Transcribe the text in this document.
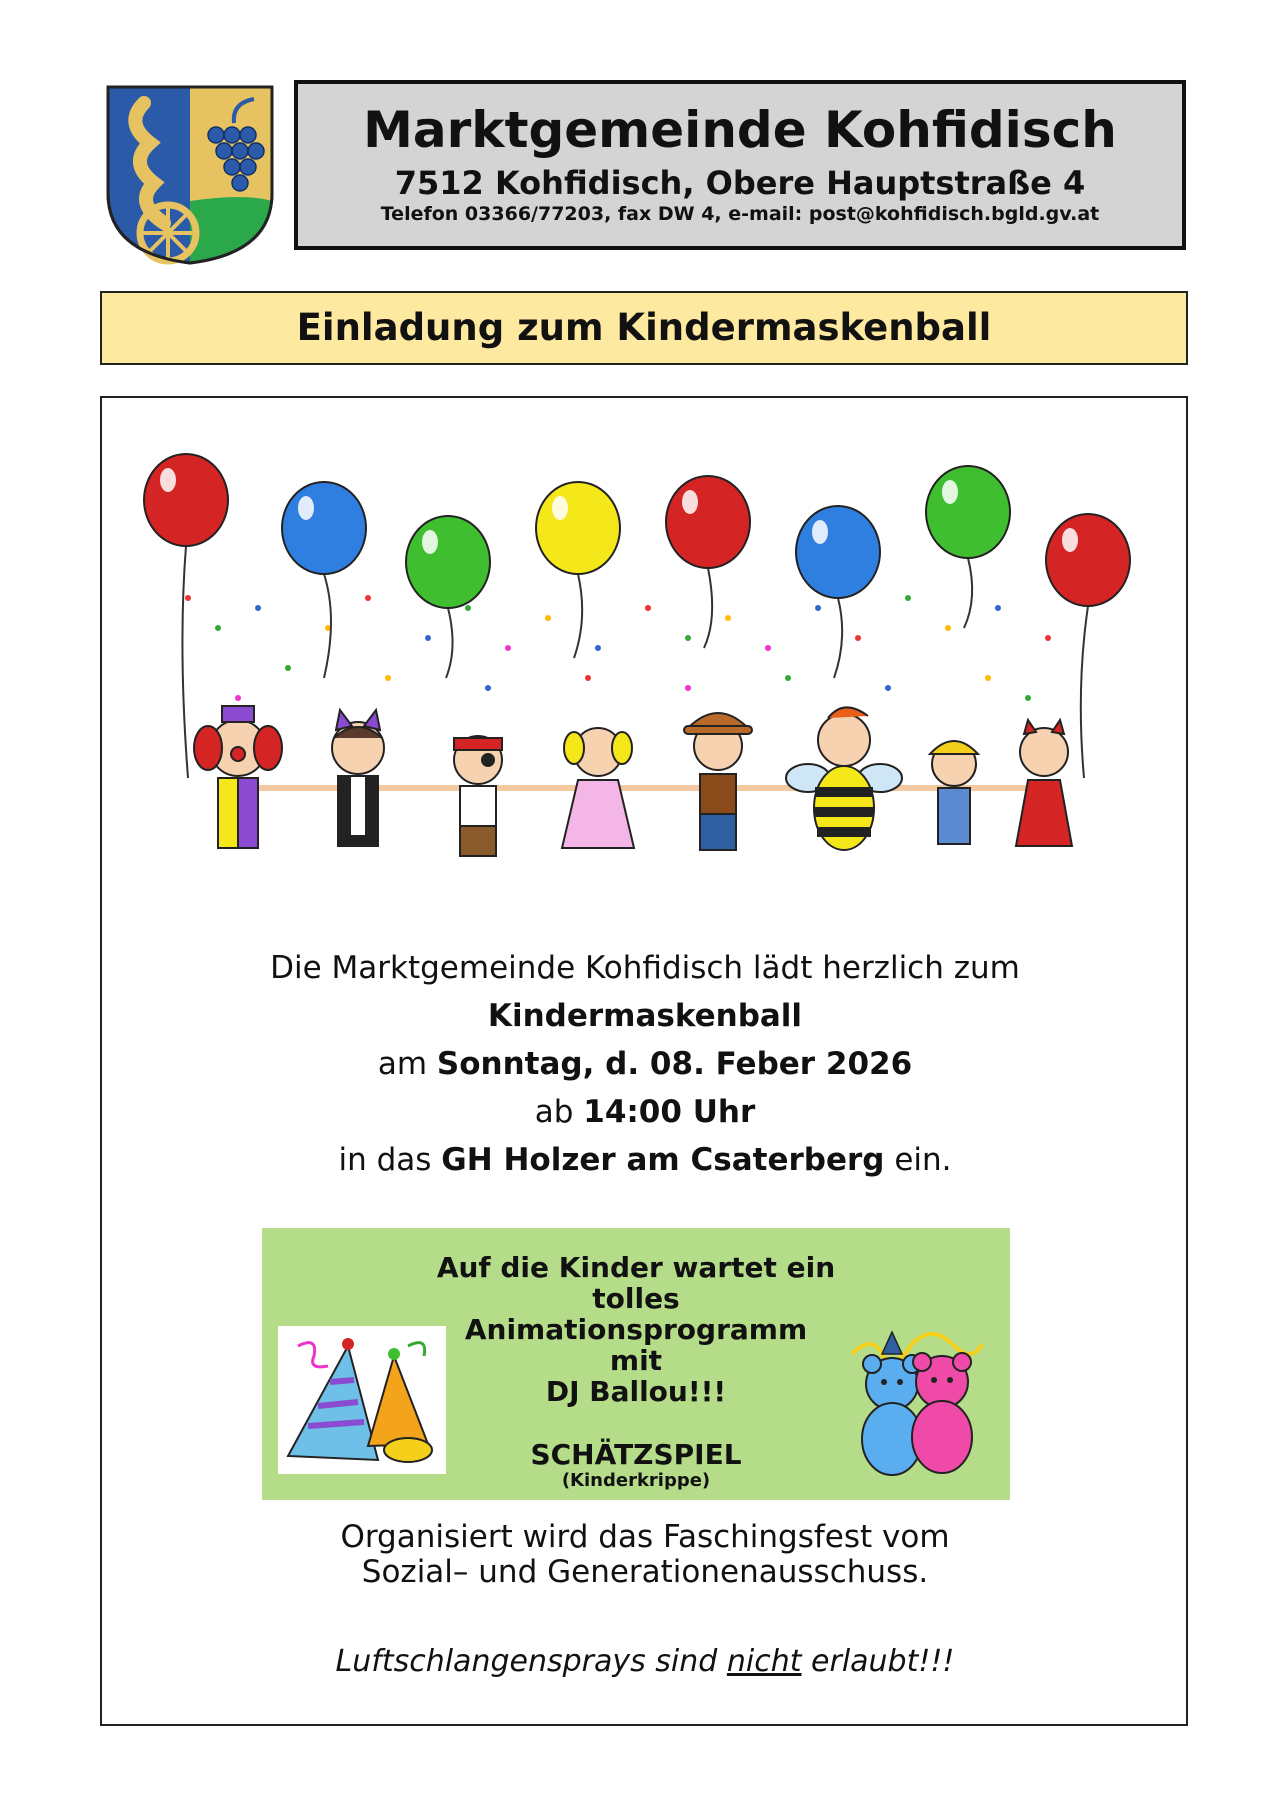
Marktgemeinde Kohfidisch
7512 Kohfidisch, Obere Hauptstraße 4
Telefon 03366/77203, fax DW 4, e-mail: post@kohfidisch.bgld.gv.at
Einladung zum Kindermaskenball
Die Marktgemeinde Kohfidisch lädt herzlich zum
Kindermaskenball
am Sonntag, d. 08. Feber 2026
ab 14:00 Uhr
in das GH Holzer am Csaterberg ein.
Auf die Kinder wartet ein tolles
Animationsprogramm
mit
DJ Ballou!!!
SCHÄTZSPIEL
(Kinderkrippe)
Organisiert wird das Faschingsfest vom
Sozial– und Generationenausschuss.
Luftschlangensprays sind nicht erlaubt!!!
